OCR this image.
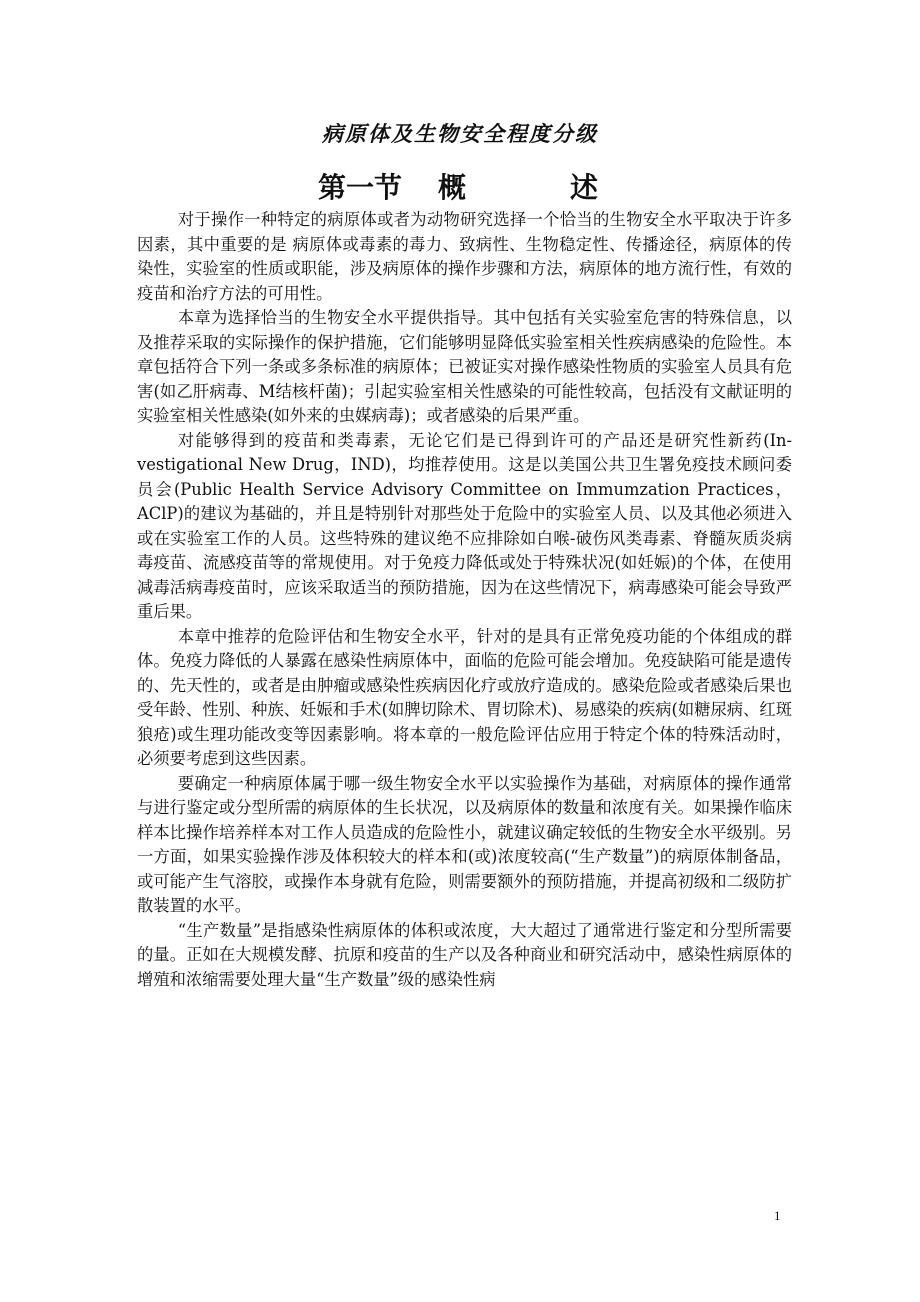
病原体及生物安全程度分级
第一节 概	述

对于操作一种特定的病原体或者为动物研究选择一个恰当的生物安全水平取决于许多因素，其中重要的是 病原体或毒素的毒力、致病性、生物稳定性、传播途径，病原体的传染性，实验室的性质或职能，涉及病原体的操作步骤和方法，病原体的地方流行性，有效的疫苗和治疗方法的可用性。

本章为选择恰当的生物安全水平提供指导。其中包括有关实验室危害的特殊信息，以及推荐采取的实际操作的保护措施，它们能够明显降低实验室相关性疾病感染的危险性。本章包括符合下列一条或多条标准的病原体；已被证实对操作感染性物质的实验室人员具有危害(如乙肝病毒、M结核杆菌)；引起实验室相关性感染的可能性较高，包括没有文献证明的实验室相关性感染(如外来的虫媒病毒)；或者感染的后果严重。

对能够得到的疫苗和类毒素，无论它们是已得到许可的产品还是研究性新药(In-vestigational New Drug，IND)，均推荐使用。这是以美国公共卫生署免疫技术顾问委员会(Public Health Service Advisory Committee on Immumzation Practices，AClP)的建议为基础的，并且是特别针对那些处于危险中的实验室人员、以及其他必须进入或在实验室工作的人员。这些特殊的建议绝不应排除如白喉-破伤风类毒素、脊髓灰质炎病毒疫苗、流感疫苗等的常规使用。对于免疫力降低或处于特殊状况(如妊娠)的个体，在使用减毒活病毒疫苗时，应该采取适当的预防措施，因为在这些情况下，病毒感染可能会导致严重后果。

本章中推荐的危险评估和生物安全水平，针对的是具有正常免疫功能的个体组成的群体。免疫力降低的人暴露在感染性病原体中，面临的危险可能会增加。免疫缺陷可能是遗传的、先天性的，或者是由肿瘤或感染性疾病因化疗或放疗造成的。感染危险或者感染后果也受年龄、性别、种族、妊娠和手术(如脾切除术、胃切除术)、易感染的疾病(如糖尿病、红斑狼疮)或生理功能改变等因素影响。将本章的一般危险评估应用于特定个体的特殊活动时，必须要考虑到这些因素。

要确定一种病原体属于哪一级生物安全水平以实验操作为基础，对病原体的操作通常与进行鉴定或分型所需的病原体的生长状况，以及病原体的数量和浓度有关。如果操作临床样本比操作培养样本对工作人员造成的危险性小，就建议确定较低的生物安全水平级别。另一方面，如果实验操作涉及体积较大的样本和(或)浓度较高(“生产数量”)的病原体制备品，或可能产生气溶胶，或操作本身就有危险，则需要额外的预防措施，并提高初级和二级防扩散装置的水平。

“生产数量”是指感染性病原体的体积或浓度，大大超过了通常进行鉴定和分型所需要的量。正如在大规模发酵、抗原和疫苗的生产以及各种商业和研究活动中，感染性病原体的增殖和浓缩需要处理大量“生产数量”级的感染性病

1
